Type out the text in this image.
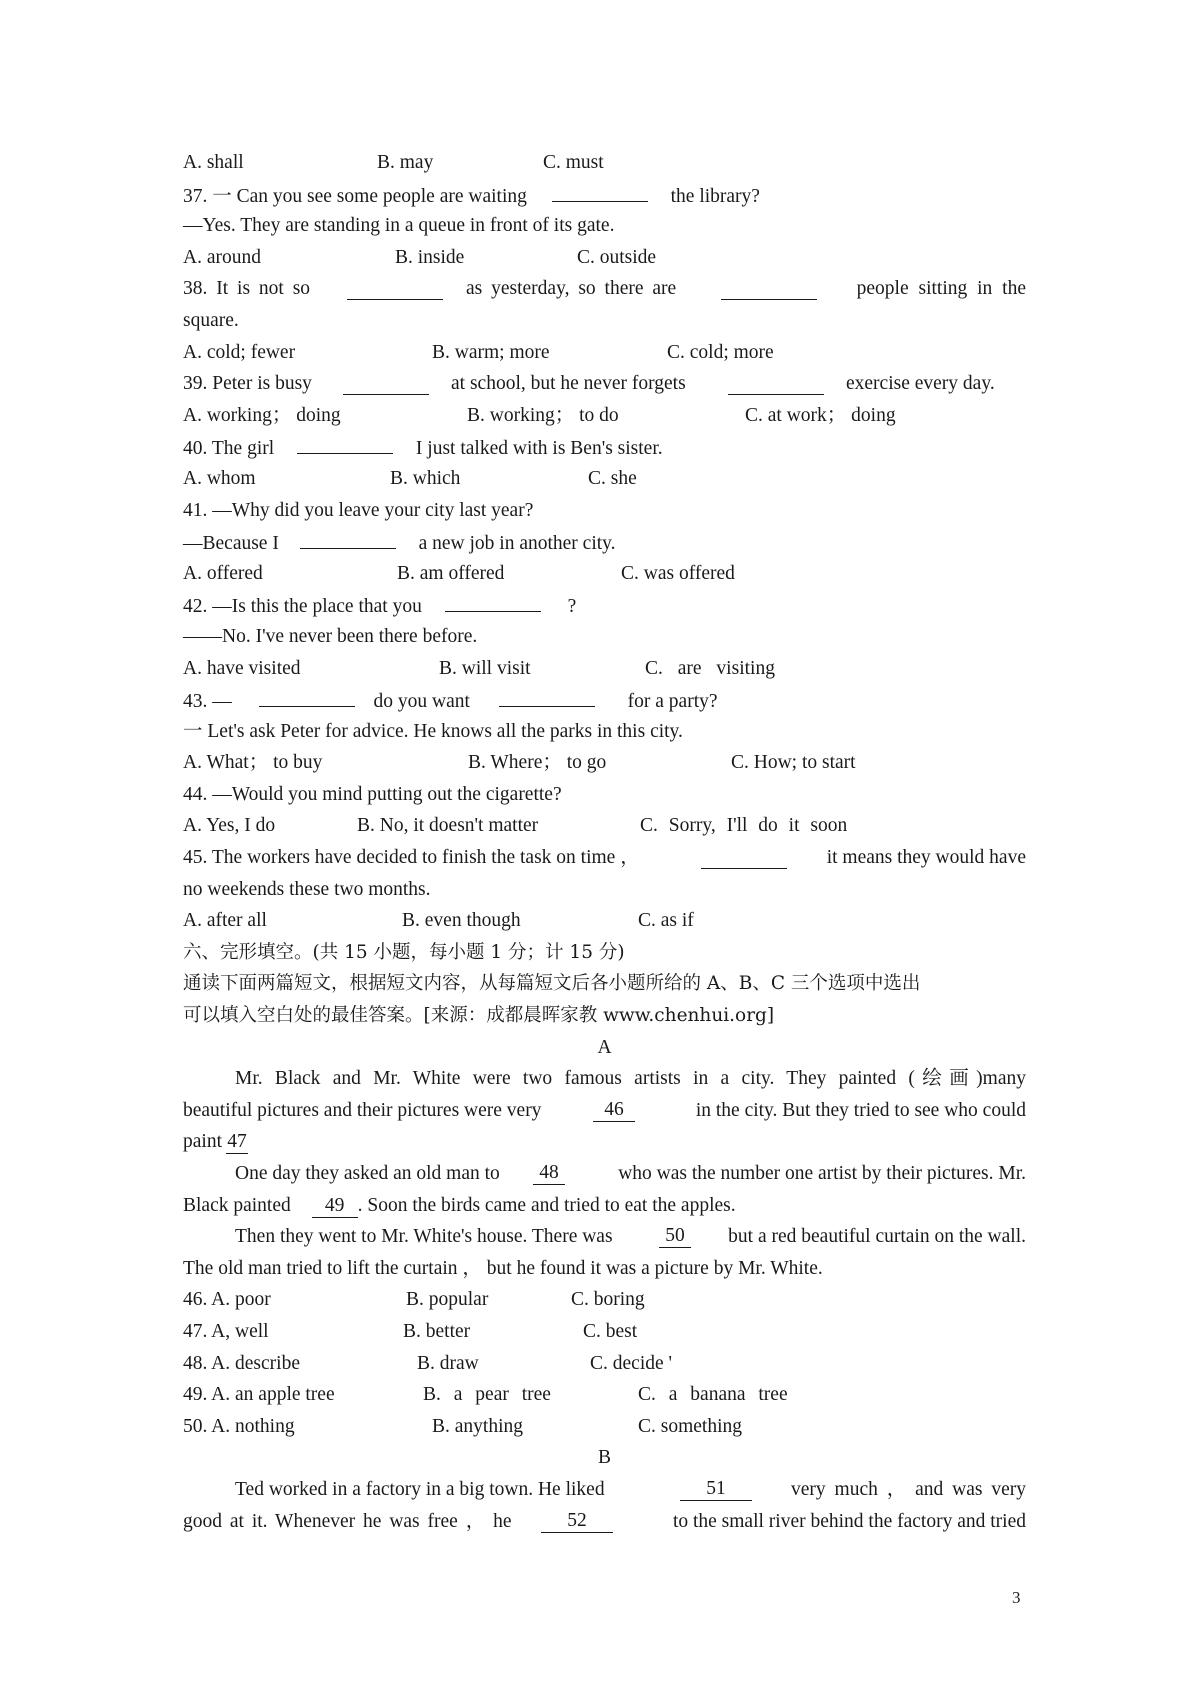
A. shall	B. may	C. must
37. 一 Can you see some people are waiting	the library?
—Yes. They are standing in a queue in front of its gate.
A. around	B. inside	C. outside
38. It is not so	as yesterday, so there are	people sitting in the
square.
A. cold; fewer	B. warm; more	C. cold; more
39. Peter is busy	at school, but he never forgets	exercise every day.
A. working； doing	B. working； to do	C. at work； doing
40. The girl	I just talked with is Ben's sister.
A. whom	B. which	C. she
41. —Why did you leave your city last year?
—Because I	a new job in another city.
A. offered	B. am offered	C. was offered
42. —Is this the place that you	?
——No. I've never been there before.
A. have visited	B. will visit	C. are visiting
43. —	do you want	for a party?
一 Let's ask Peter for advice. He knows all the parks in this city.
A. What； to buy	B. Where； to go	C. How; to start
44. —Would you mind putting out the cigarette?
A. Yes, I do	B. No, it doesn't matter	C. Sorry, I'll do it soon
45. The workers have decided to finish the task on time ，	it means they would have
no weekends these two months.
A. after all	B. even though	C. as if
六、完形填空。(共 15 小题，每小题 1 分；计 15 分)
通读下面两篇短文，根据短文内容，从每篇短文后各小题所给的 A、B、C 三个选项中选出
可以填入空白处的最佳答案。[来源：成都晨晖家教 www.chenhui.org]
A
Mr. Black and Mr. White were two famous artists in a city. They painted (绘画)many
beautiful pictures and their pictures were very	46	in the city. But they tried to see who could
paint 47
One day they asked an old man to	48	who was the number one artist by their pictures. Mr.
Black painted 49 . Soon the birds came and tried to eat the apples.
Then they went to Mr. White's house. There was	50	but a red beautiful curtain on the wall.
The old man tried to lift the curtain ， but he found it was a picture by Mr. White.
46. A. poor	B. popular	C. boring
47. A, well	B. better	C. best
48. A. describe	B. draw	C. decide '
49. A. an apple tree	B. a pear tree	C. a banana tree
50. A. nothing	B. anything	C. something
B
Ted worked in a factory in a big town. He liked	51	very much ， and was very
good at it. Whenever he was free ， he	52	to the small river behind the factory and tried
3
